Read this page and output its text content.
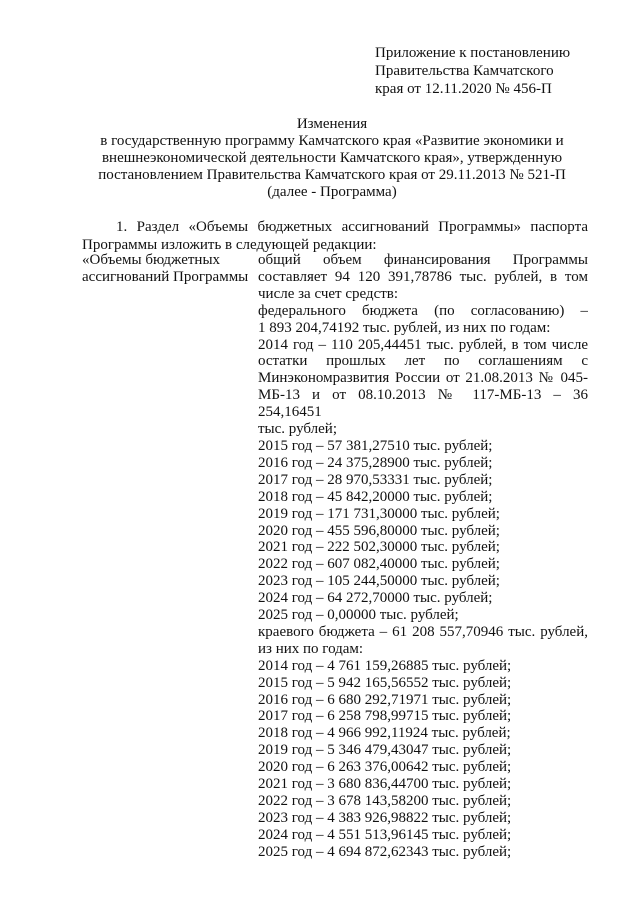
Приложение к постановлению
Правительства Камчатского
края от 12.11.2020 № 456-П
Изменения
в государственную программу Камчатского края «Развитие экономики и
внешнеэкономической деятельности Камчатского края», утвержденную
постановлением Правительства Камчатского края от 29.11.2013 № 521-П
(далее - Программа)
1. Раздел «Объемы бюджетных ассигнований Программы» паспорта
Программы изложить в следующей редакции:
«Объемы бюджетных
ассигнований Программы
общий объем финансирования Программы
составляет 94 120 391,78786 тыс. рублей, в том
числе за счет средств:
федерального бюджета (по согласованию) –
1 893 204,74192 тыс. рублей, из них по годам:
2014 год – 110 205,44451 тыс. рублей, в том числе
остатки прошлых лет по соглашениям с
Минэкономразвития России от 21.08.2013 № 045-
МБ-13 и от 08.10.2013 № 117-МБ-13 – 36 254,16451
тыс. рублей;
2015 год – 57 381,27510 тыс. рублей;
2016 год – 24 375,28900 тыс. рублей;
2017 год – 28 970,53331 тыс. рублей;
2018 год – 45 842,20000 тыс. рублей;
2019 год – 171 731,30000 тыс. рублей;
2020 год – 455 596,80000 тыс. рублей;
2021 год – 222 502,30000 тыс. рублей;
2022 год – 607 082,40000 тыс. рублей;
2023 год – 105 244,50000 тыс. рублей;
2024 год – 64 272,70000 тыс. рублей;
2025 год – 0,00000 тыс. рублей;
краевого бюджета – 61 208 557,70946 тыс. рублей,
из них по годам:
2014 год – 4 761 159,26885 тыс. рублей;
2015 год – 5 942 165,56552 тыс. рублей;
2016 год – 6 680 292,71971 тыс. рублей;
2017 год – 6 258 798,99715 тыс. рублей;
2018 год – 4 966 992,11924 тыс. рублей;
2019 год – 5 346 479,43047 тыс. рублей;
2020 год – 6 263 376,00642 тыс. рублей;
2021 год – 3 680 836,44700 тыс. рублей;
2022 год – 3 678 143,58200 тыс. рублей;
2023 год – 4 383 926,98822 тыс. рублей;
2024 год – 4 551 513,96145 тыс. рублей;
2025 год – 4 694 872,62343 тыс. рублей;
